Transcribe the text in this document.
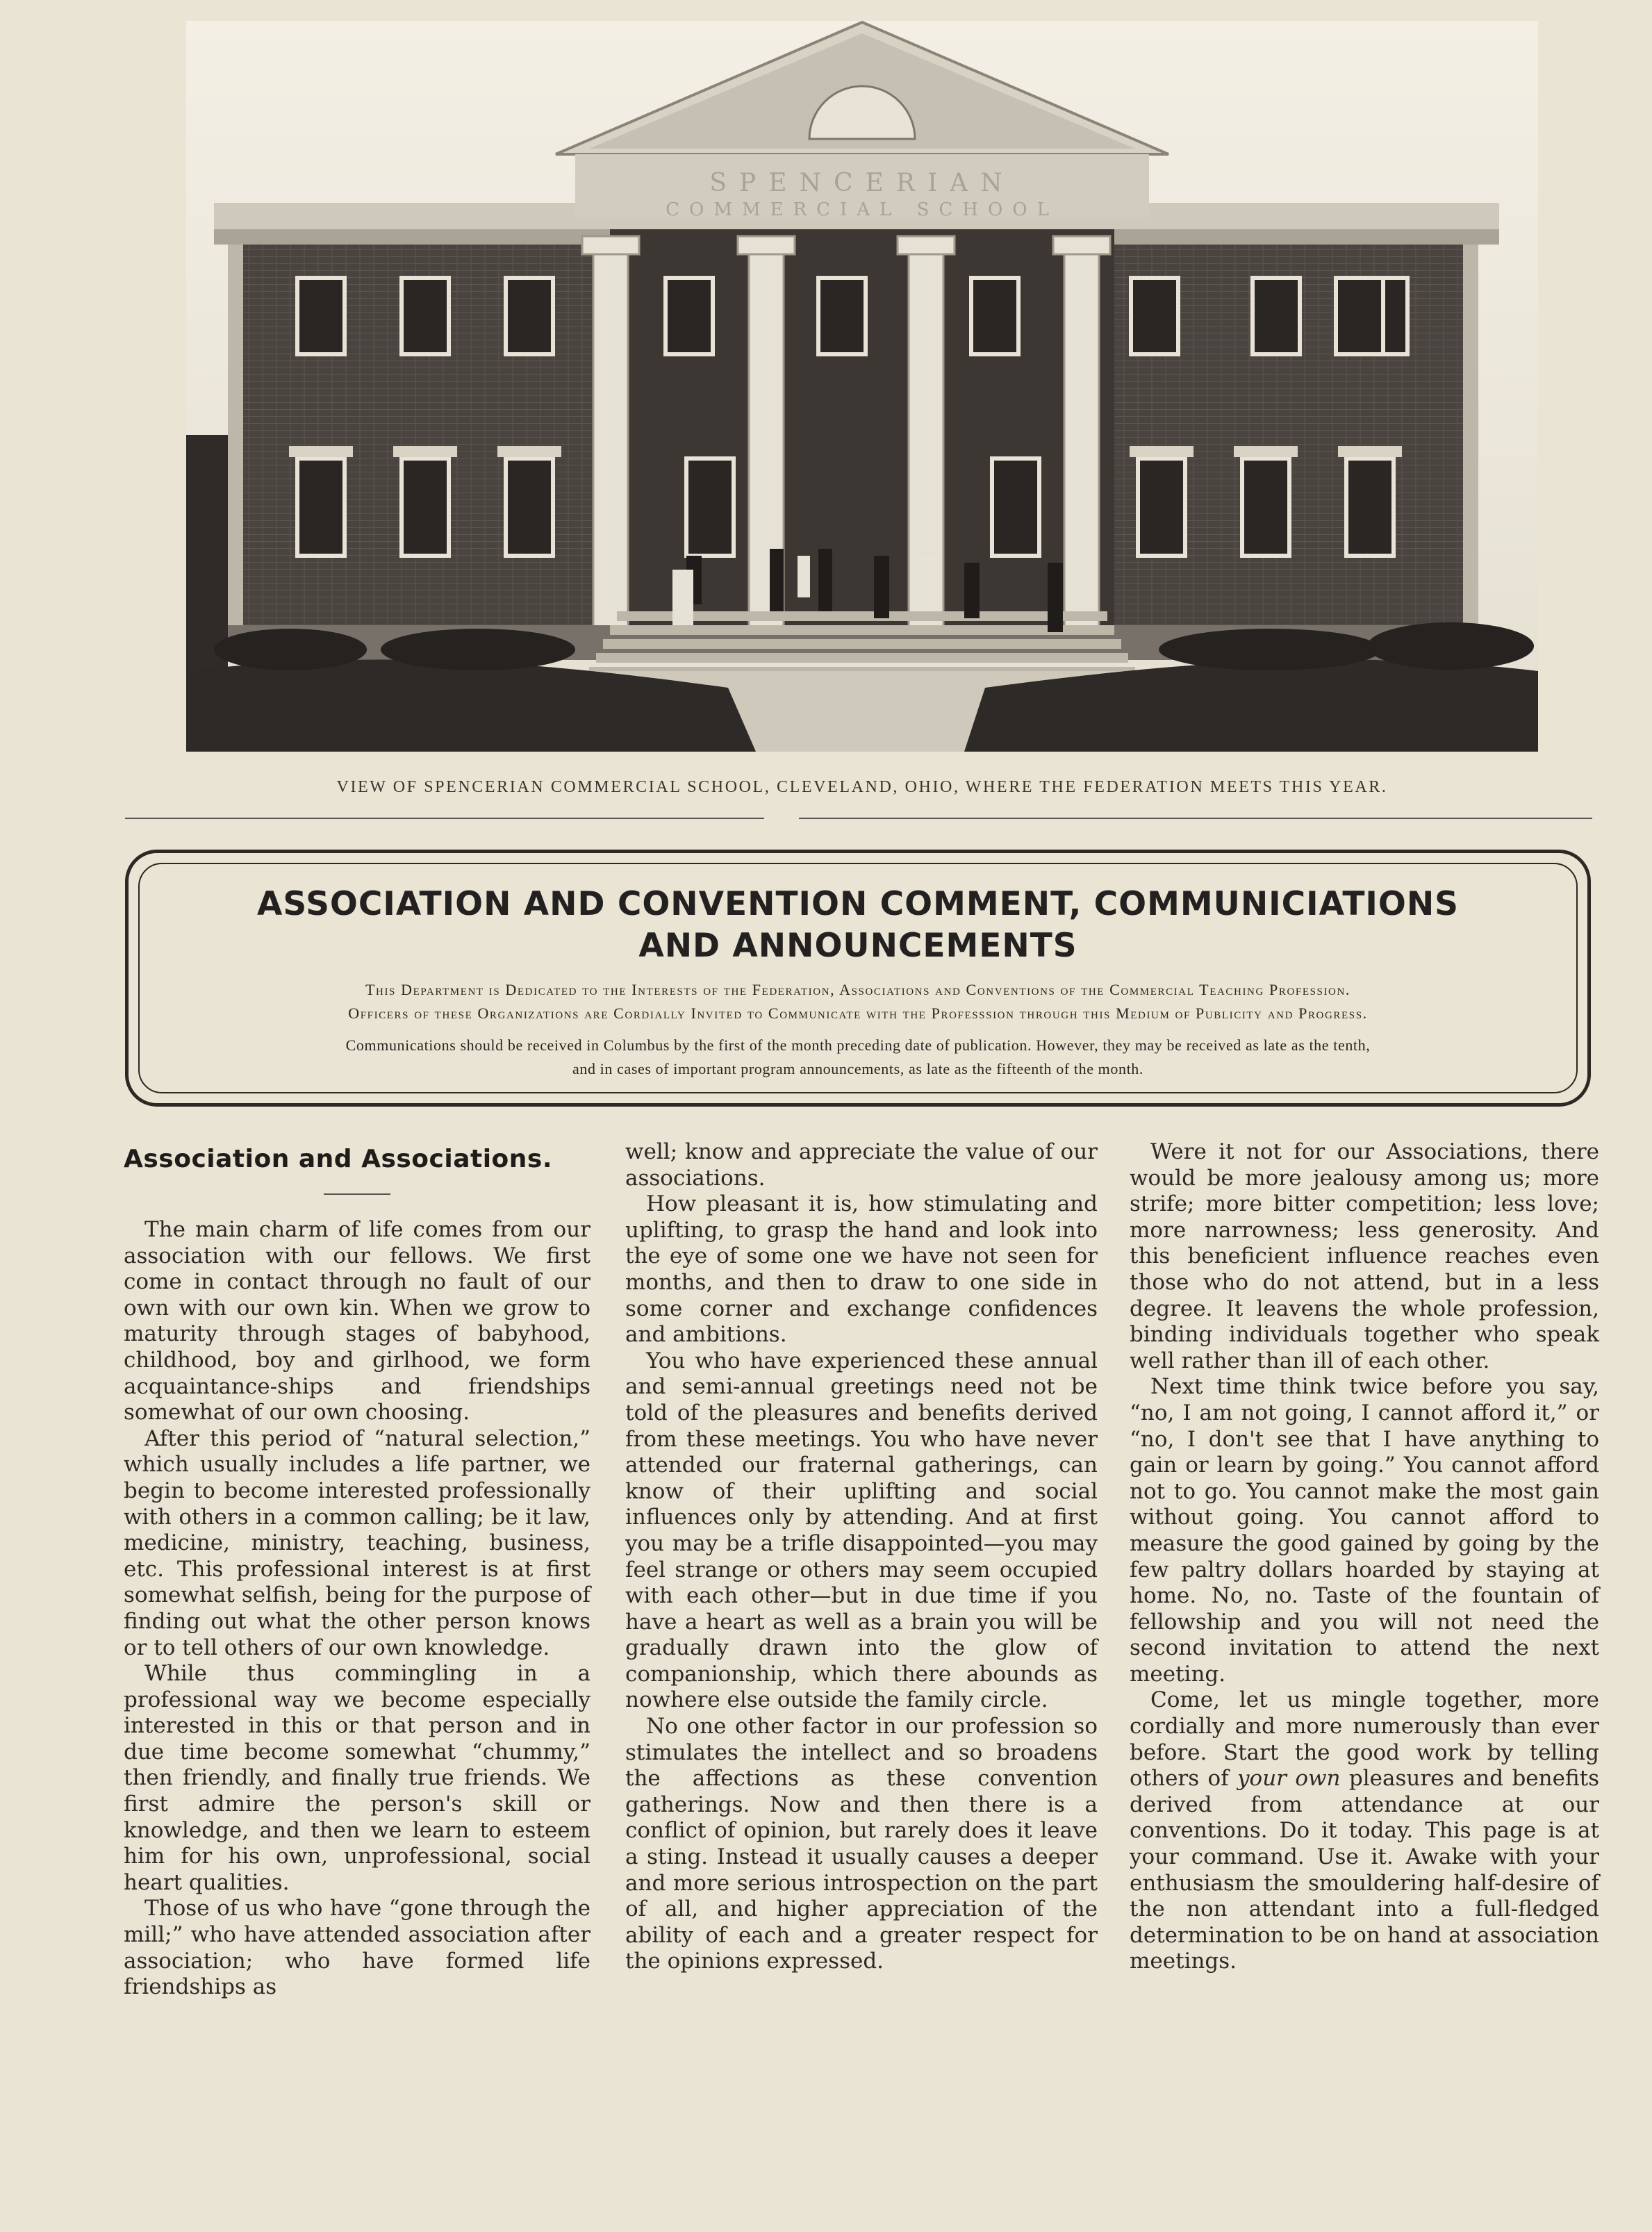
SPENCERIAN
COMMERCIAL SCHOOL
VIEW OF SPENCERIAN COMMERCIAL SCHOOL, CLEVELAND, OHIO, WHERE THE FEDERATION MEETS THIS YEAR.
ASSOCIATION AND CONVENTION COMMENT, COMMUNICIATIONS
AND ANNOUNCEMENTS
This Department is Dedicated to the Interests of the Federation, Associations and Conventions of the Commercial Teaching Profession.
Officers of these Organizations are Cordially Invited to Communicate with the Professsion through this Medium of Publicity and Progress.
Communications should be received in Columbus by the first of the month preceding date of publication. However, they may be received as late as the tenth,
and in cases of important program announcements, as late as the fifteenth of the month.
Association and Associations.

The main charm of life comes from our association with our fellows. We first come in contact through no fault of our own with our own kin. When we grow to maturity through stages of babyhood, childhood, boy and girlhood, we form acquaintance-ships and friendships somewhat of our own choosing.

After this period of “natural selection,” which usually includes a life partner, we begin to become interested professionally with others in a common calling; be it law, medicine, ministry, teaching, business, etc. This professional interest is at first somewhat selfish, being for the purpose of finding out what the other person knows or to tell others of our own knowledge.

While thus commingling in a professional way we become especially interested in this or that person and in due time become somewhat “chummy,” then friendly, and finally true friends. We first admire the person's skill or knowledge, and then we learn to esteem him for his own, unprofessional, social heart qualities.

Those of us who have “gone through the mill;” who have attended association after association; who have formed life friendships as

well; know and appreciate the value of our associations.

How pleasant it is, how stimulating and uplifting, to grasp the hand and look into the eye of some one we have not seen for months, and then to draw to one side in some corner and exchange confidences and ambitions.

You who have experienced these annual and semi-annual greetings need not be told of the pleasures and benefits derived from these meetings. You who have never attended our fraternal gatherings, can know of their uplifting and social influences only by attending. And at first you may be a trifle disappointed—you may feel strange or others may seem occupied with each other—but in due time if you have a heart as well as a brain you will be gradually drawn into the glow of companionship, which there abounds as nowhere else outside the family circle.

No one other factor in our profession so stimulates the intellect and so broadens the affections as these convention gatherings. Now and then there is a conflict of opinion, but rarely does it leave a sting. Instead it usually causes a deeper and more serious introspection on the part of all, and higher appreciation of the ability of each and a greater respect for the opinions expressed.

Were it not for our Associations, there would be more jealousy among us; more strife; more bitter competition; less love; more narrowness; less generosity. And this beneficient influence reaches even those who do not attend, but in a less degree. It leavens the whole profession, binding individuals together who speak well rather than ill of each other.

Next time think twice before you say, “no, I am not going, I cannot afford it,” or “no, I don't see that I have anything to gain or learn by going.” You cannot afford not to go. You cannot make the most gain without going. You cannot afford to measure the good gained by going by the few paltry dollars hoarded by staying at home. No, no. Taste of the fountain of fellowship and you will not need the second invitation to attend the next meeting.

Come, let us mingle together, more cordially and more numerously than ever before. Start the good work by telling others of your own pleasures and benefits derived from attendance at our conventions. Do it today. This page is at your command. Use it. Awake with your enthusiasm the smouldering half-desire of the non attendant into a full-fledged determination to be on hand at association meetings.
